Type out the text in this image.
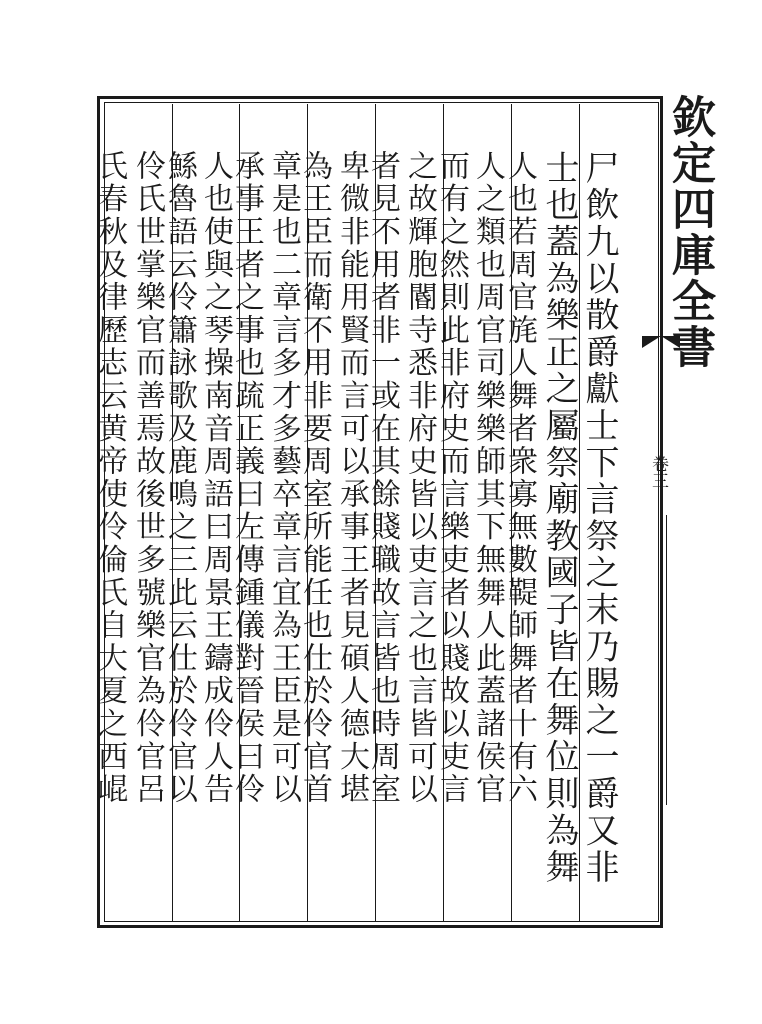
欽定四庫全書
卷三
尸飲九以散爵獻士下言祭之末乃賜之一爵又非
士也蓋為樂正之屬祭廟教國子皆在舞位則為舞
人也若周官旄人舞者衆寡無數鞮師舞者十有六
人之類也周官司樂樂師其下無舞人此蓋諸侯官
而有之然則此非府史而言樂吏者以賤故以吏言
之故輝胞閽寺悉非府史皆以吏言之也言皆可以
者見不用者非一或在其餘賤職故言皆也時周室
卑微非能用賢而言可以承事王者見碩人德大堪
為王臣而衛不用非要周室所能任也仕於伶官首
章是也二章言多才多藝卒章言宜為王臣是可以
承事王者之事也䟽正義曰左傳鍾儀對晉侯曰伶
人也使與之琴操南音周語曰周景王鑄成伶人告
鯀魯語云伶簫詠歌及鹿鳴之三此云仕於伶官以
伶氏世掌樂官而善焉故後世多號樂官為伶官呂
氏春秋及律歷志云黄帝使伶倫氏自大夏之西崐
